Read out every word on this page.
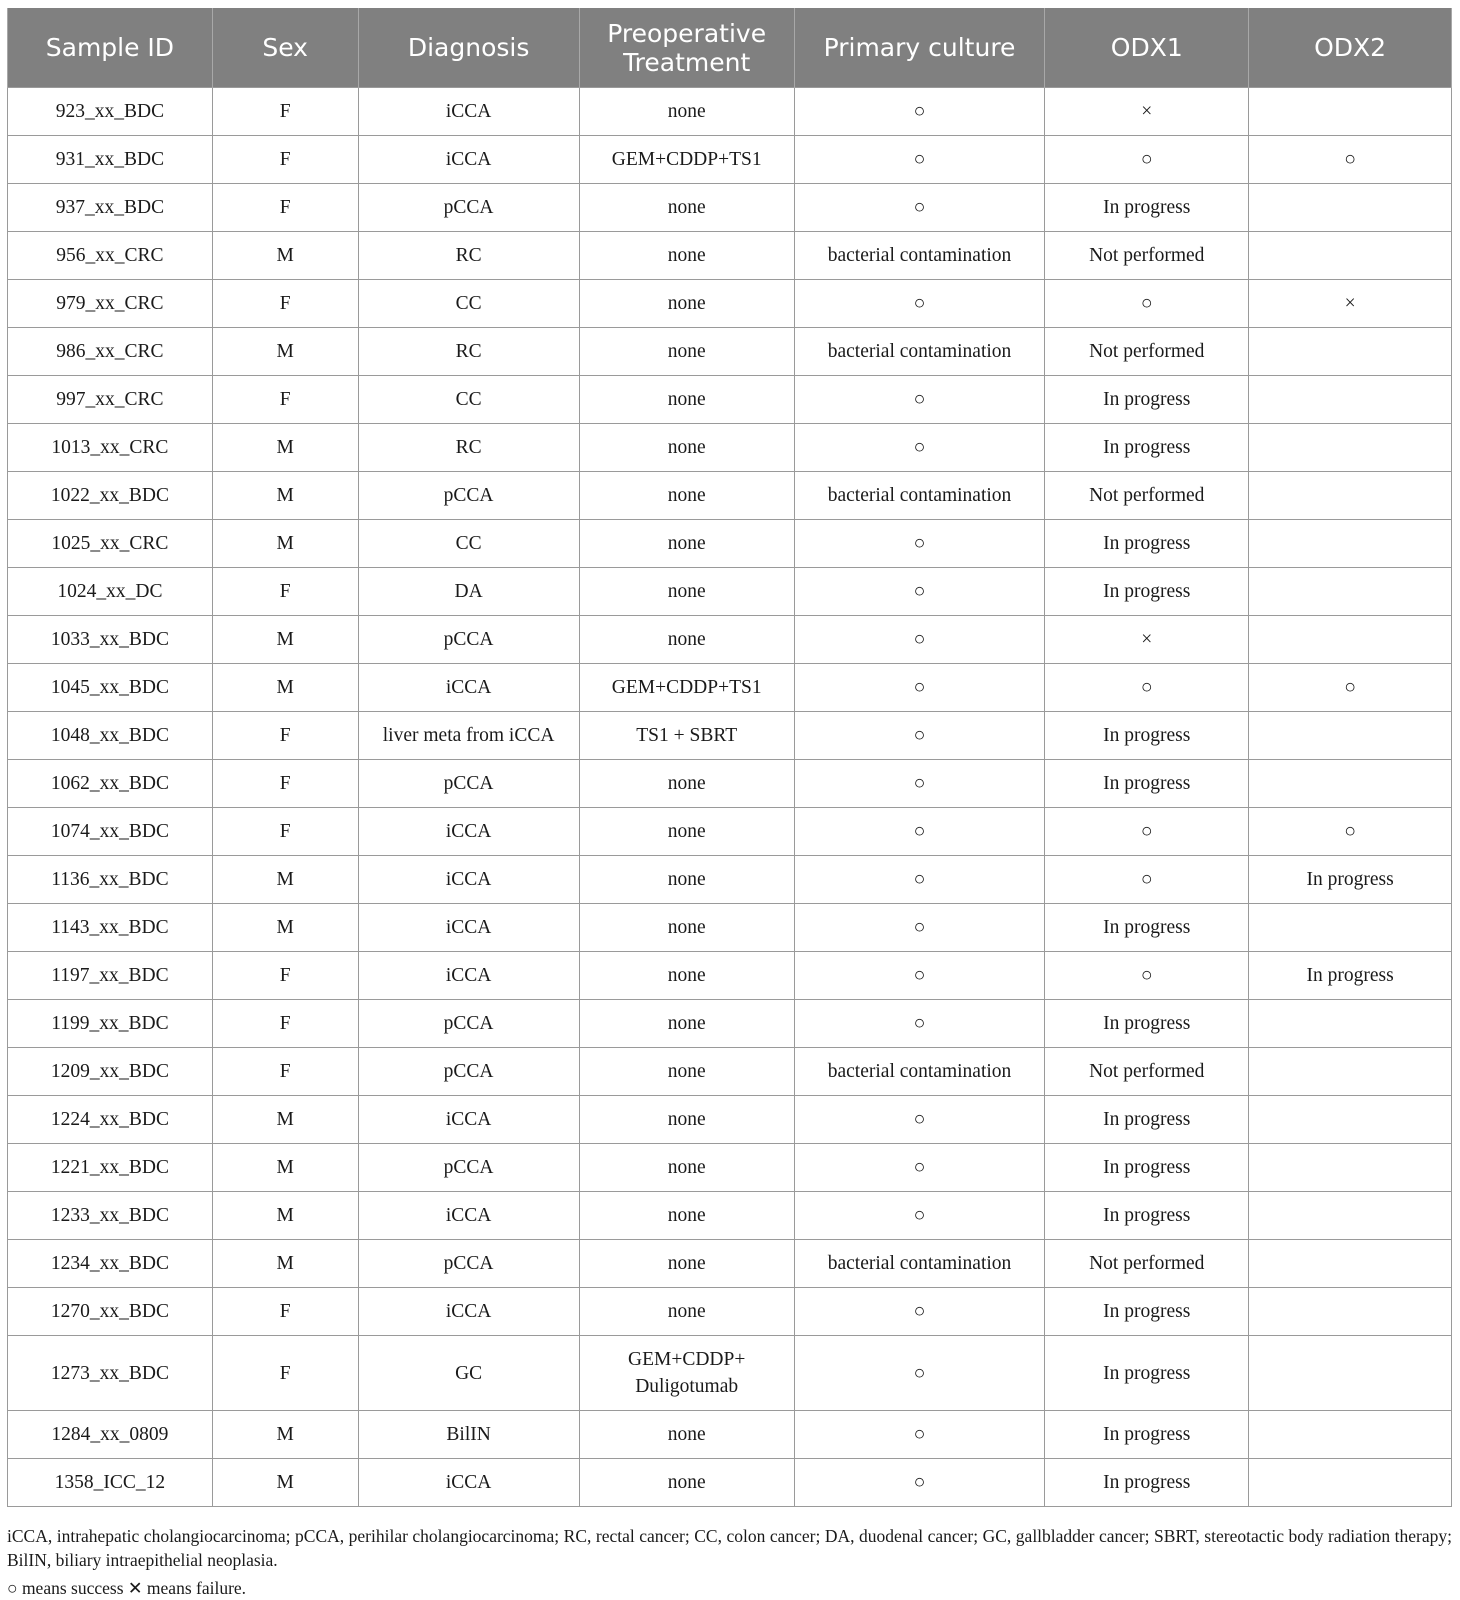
Sample ID	Sex	Diagnosis	Preoperative Treatment	Primary culture	ODX1	ODX2
923_xx_BDC	F	iCCA	none	○	×	
931_xx_BDC	F	iCCA	GEM+CDDP+TS1	○	○	○
937_xx_BDC	F	pCCA	none	○	In progress	
956_xx_CRC	M	RC	none	bacterial contamination	Not performed	
979_xx_CRC	F	CC	none	○	○	×
986_xx_CRC	M	RC	none	bacterial contamination	Not performed	
997_xx_CRC	F	CC	none	○	In progress	
1013_xx_CRC	M	RC	none	○	In progress	
1022_xx_BDC	M	pCCA	none	bacterial contamination	Not performed	
1025_xx_CRC	M	CC	none	○	In progress	
1024_xx_DC	F	DA	none	○	In progress	
1033_xx_BDC	M	pCCA	none	○	×	
1045_xx_BDC	M	iCCA	GEM+CDDP+TS1	○	○	○
1048_xx_BDC	F	liver meta from iCCA	TS1 + SBRT	○	In progress	
1062_xx_BDC	F	pCCA	none	○	In progress	
1074_xx_BDC	F	iCCA	none	○	○	○
1136_xx_BDC	M	iCCA	none	○	○	In progress
1143_xx_BDC	M	iCCA	none	○	In progress	
1197_xx_BDC	F	iCCA	none	○	○	In progress
1199_xx_BDC	F	pCCA	none	○	In progress	
1209_xx_BDC	F	pCCA	none	bacterial contamination	Not performed	
1224_xx_BDC	M	iCCA	none	○	In progress	
1221_xx_BDC	M	pCCA	none	○	In progress	
1233_xx_BDC	M	iCCA	none	○	In progress	
1234_xx_BDC	M	pCCA	none	bacterial contamination	Not performed	
1270_xx_BDC	F	iCCA	none	○	In progress	
1273_xx_BDC	F	GC	GEM+CDDP+ Duligotumab	○	In progress	
1284_xx_0809	M	BilIN	none	○	In progress	
1358_ICC_12	M	iCCA	none	○	In progress	

iCCA, intrahepatic cholangiocarcinoma; pCCA, perihilar cholangiocarcinoma; RC, rectal cancer; CC, colon cancer; DA, duodenal cancer; GC, gallbladder cancer; SBRT, stereotactic body radiation therapy; BilIN, biliary intraepithelial neoplasia.

○ means success ✕ means failure.
